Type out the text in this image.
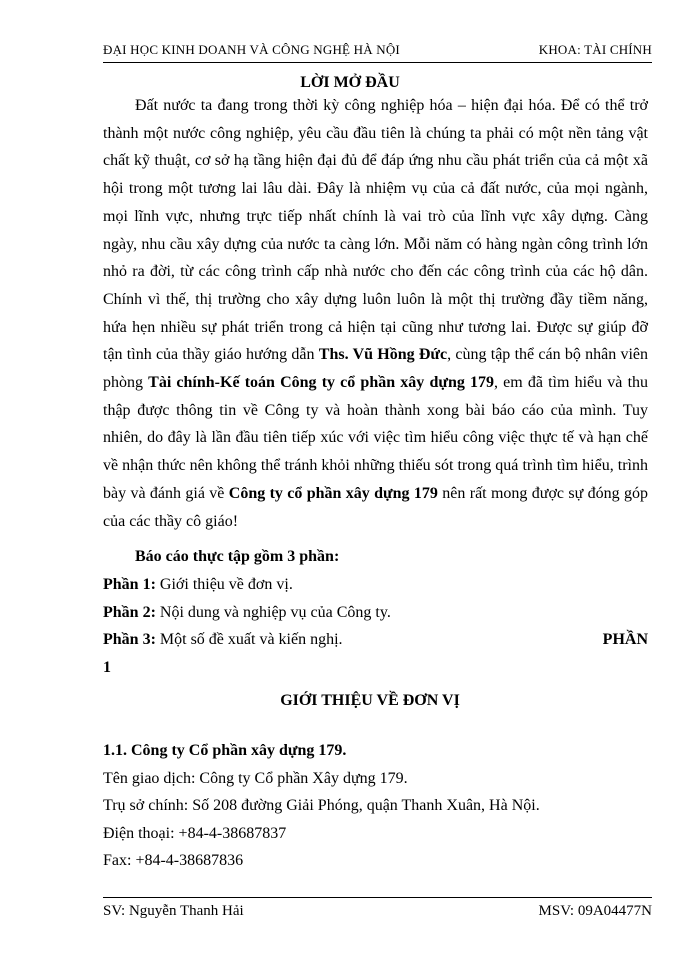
ĐẠI HỌC KINH DOANH VÀ CÔNG NGHỆ HÀ NỘI	KHOA: TÀI CHÍNH
LỜI MỞ ĐẦU
Đất nước ta đang trong thời kỳ công nghiệp hóa – hiện đại hóa. Để có thể trở thành một nước công nghiệp, yêu cầu đầu tiên là chúng ta phải có một nền tảng vật chất kỹ thuật, cơ sở hạ tầng hiện đại đủ để đáp ứng nhu cầu phát triển của cả một xã hội trong một tương lai lâu dài. Đây là nhiệm vụ của cả đất nước, của mọi ngành, mọi lĩnh vực, nhưng trực tiếp nhất chính là vai trò của lĩnh vực xây dựng. Càng ngày, nhu cầu xây dựng của nước ta càng lớn. Mỗi năm có hàng ngàn công trình lớn nhỏ ra đời, từ các công trình cấp nhà nước cho đến các công trình của các hộ dân. Chính vì thế, thị trường cho xây dựng luôn luôn là một thị trường đầy tiềm năng, hứa hẹn nhiều sự phát triển trong cả hiện tại cũng như tương lai. Được sự giúp đỡ tận tình của thầy giáo hướng dẫn Ths. Vũ Hồng Đức, cùng tập thể cán bộ nhân viên phòng Tài chính-Kế toán Công ty cổ phần xây dựng 179, em đã tìm hiểu và thu thập được thông tin về Công ty và hoàn thành xong bài báo cáo của mình. Tuy nhiên, do đây là lần đầu tiên tiếp xúc với việc tìm hiểu công việc thực tế và hạn chế về nhận thức nên không thể tránh khỏi những thiếu sót trong quá trình tìm hiểu, trình bày và đánh giá về Công ty cổ phần xây dựng 179 nên rất mong được sự đóng góp của các thầy cô giáo!
Báo cáo thực tập gồm 3 phần:
Phần 1: Giới thiệu về đơn vị.
Phần 2: Nội dung và nghiệp vụ của Công ty.
Phần 3: Một số đề xuất và kiến nghị.	PHẦN
1
GIỚI THIỆU VỀ ĐƠN VỊ
1.1. Công ty Cổ phần xây dựng 179.
Tên giao dịch: Công ty Cổ phần Xây dựng 179.
Trụ sở chính: Số 208 đường Giải Phóng, quận Thanh Xuân, Hà Nội.
Điện thoại: +84-4-38687837
Fax: +84-4-38687836
SV: Nguyễn Thanh Hải	MSV: 09A04477N
